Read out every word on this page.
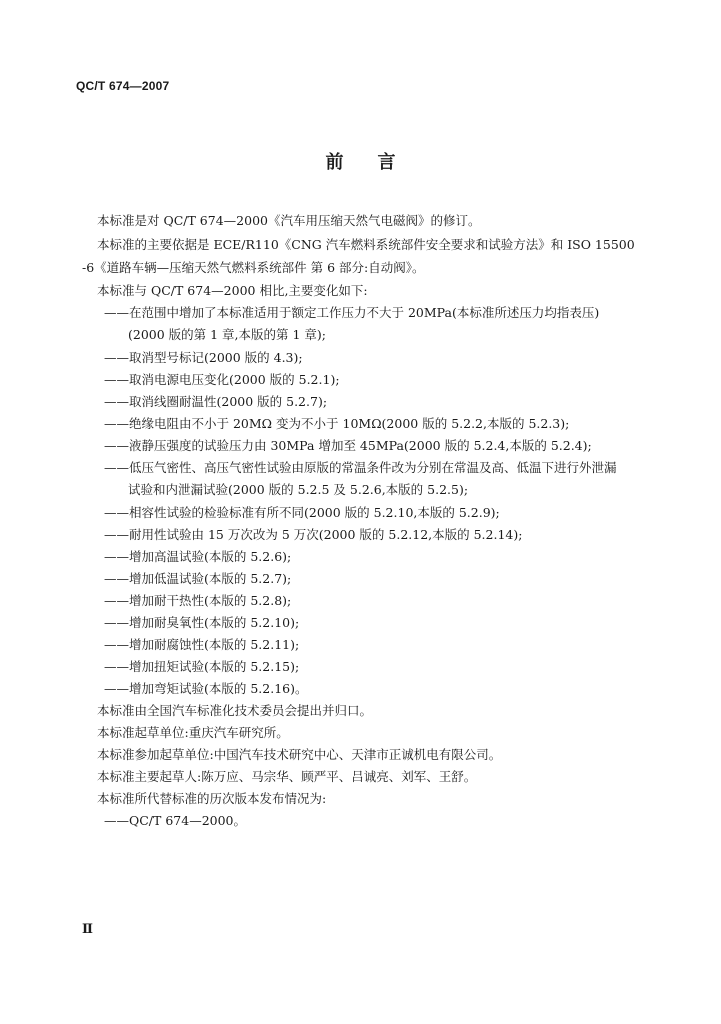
QC/T 674—2007
前言
本标准是对 QC/T 674—2000《汽车用压缩天然气电磁阀》的修订。
本标准的主要依据是 ECE/R110《CNG 汽车燃料系统部件安全要求和试验方法》和 ISO 15500
-6《道路车辆—压缩天然气燃料系统部件 第 6 部分:自动阀》。
本标准与 QC/T 674—2000 相比,主要变化如下:
——在范围中增加了本标准适用于额定工作压力不大于 20MPa(本标准所述压力均指表压)
(2000 版的第 1 章,本版的第 1 章);
——取消型号标记(2000 版的 4.3);
——取消电源电压变化(2000 版的 5.2.1);
——取消线圈耐温性(2000 版的 5.2.7);
——绝缘电阻由不小于 20MΩ 变为不小于 10MΩ(2000 版的 5.2.2,本版的 5.2.3);
——液静压强度的试验压力由 30MPa 增加至 45MPa(2000 版的 5.2.4,本版的 5.2.4);
——低压气密性、高压气密性试验由原版的常温条件改为分别在常温及高、低温下进行外泄漏
试验和内泄漏试验(2000 版的 5.2.5 及 5.2.6,本版的 5.2.5);
——相容性试验的检验标准有所不同(2000 版的 5.2.10,本版的 5.2.9);
——耐用性试验由 15 万次改为 5 万次(2000 版的 5.2.12,本版的 5.2.14);
——增加高温试验(本版的 5.2.6);
——增加低温试验(本版的 5.2.7);
——增加耐干热性(本版的 5.2.8);
——增加耐臭氧性(本版的 5.2.10);
——增加耐腐蚀性(本版的 5.2.11);
——增加扭矩试验(本版的 5.2.15);
——增加弯矩试验(本版的 5.2.16)。
本标准由全国汽车标准化技术委员会提出并归口。
本标准起草单位:重庆汽车研究所。
本标准参加起草单位:中国汽车技术研究中心、天津市正诚机电有限公司。
本标准主要起草人:陈万应、马宗华、顾严平、吕诚亮、刘军、王舒。
本标准所代替标准的历次版本发布情况为:
——QC/T 674—2000。
Ⅱ
